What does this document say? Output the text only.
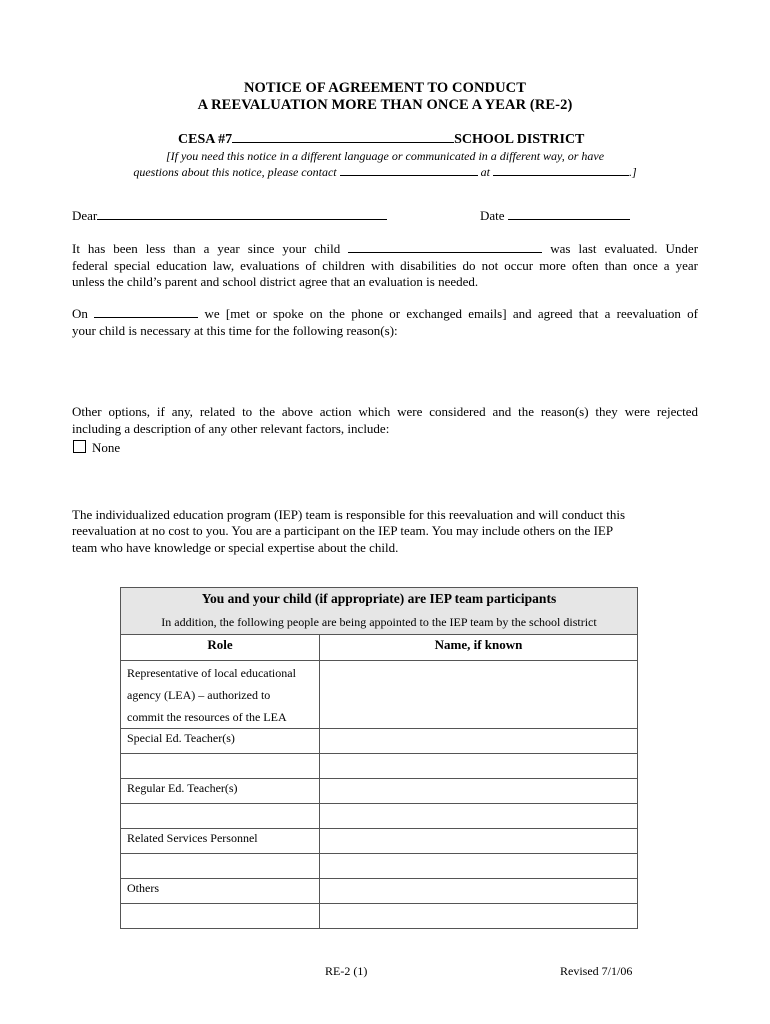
NOTICE OF AGREEMENT TO CONDUCT
A REEVALUATION MORE THAN ONCE A YEAR (RE-2)
CESA #7	SCHOOL DISTRICT
[If you need this notice in a different language or communicated in a different way, or have
questions about this notice, please contact	at	.]
Dear	Date
It has been less than a year since your child	was last evaluated. Under
federal special education law, evaluations of children with disabilities do not occur more often than once a year
unless the child’s parent and school district agree that an evaluation is needed.
On	we [met or spoke on the phone or exchanged emails] and agreed that a reevaluation of
your child is necessary at this time for the following reason(s):
Other options, if any, related to the above action which were considered and the reason(s) they were rejected
including a description of any other relevant factors, include:
None
The individualized education program (IEP) team is responsible for this reevaluation and will conduct this
reevaluation at no cost to you. You are a participant on the IEP team. You may include others on the IEP
team who have knowledge or special expertise about the child.
You and your child (if appropriate) are IEP team participants	
In addition, the following people are being appointed to the IEP team by the school district	
Role	Name, if known

Representative of local educational
agency (LEA) – authorized to
commit the resources of the LEA	

Special Ed. Teacher(s)	

Regular Ed. Teacher(s)	

Related Services Personnel	

Others	

RE-2 (1)	Revised 7/1/06
